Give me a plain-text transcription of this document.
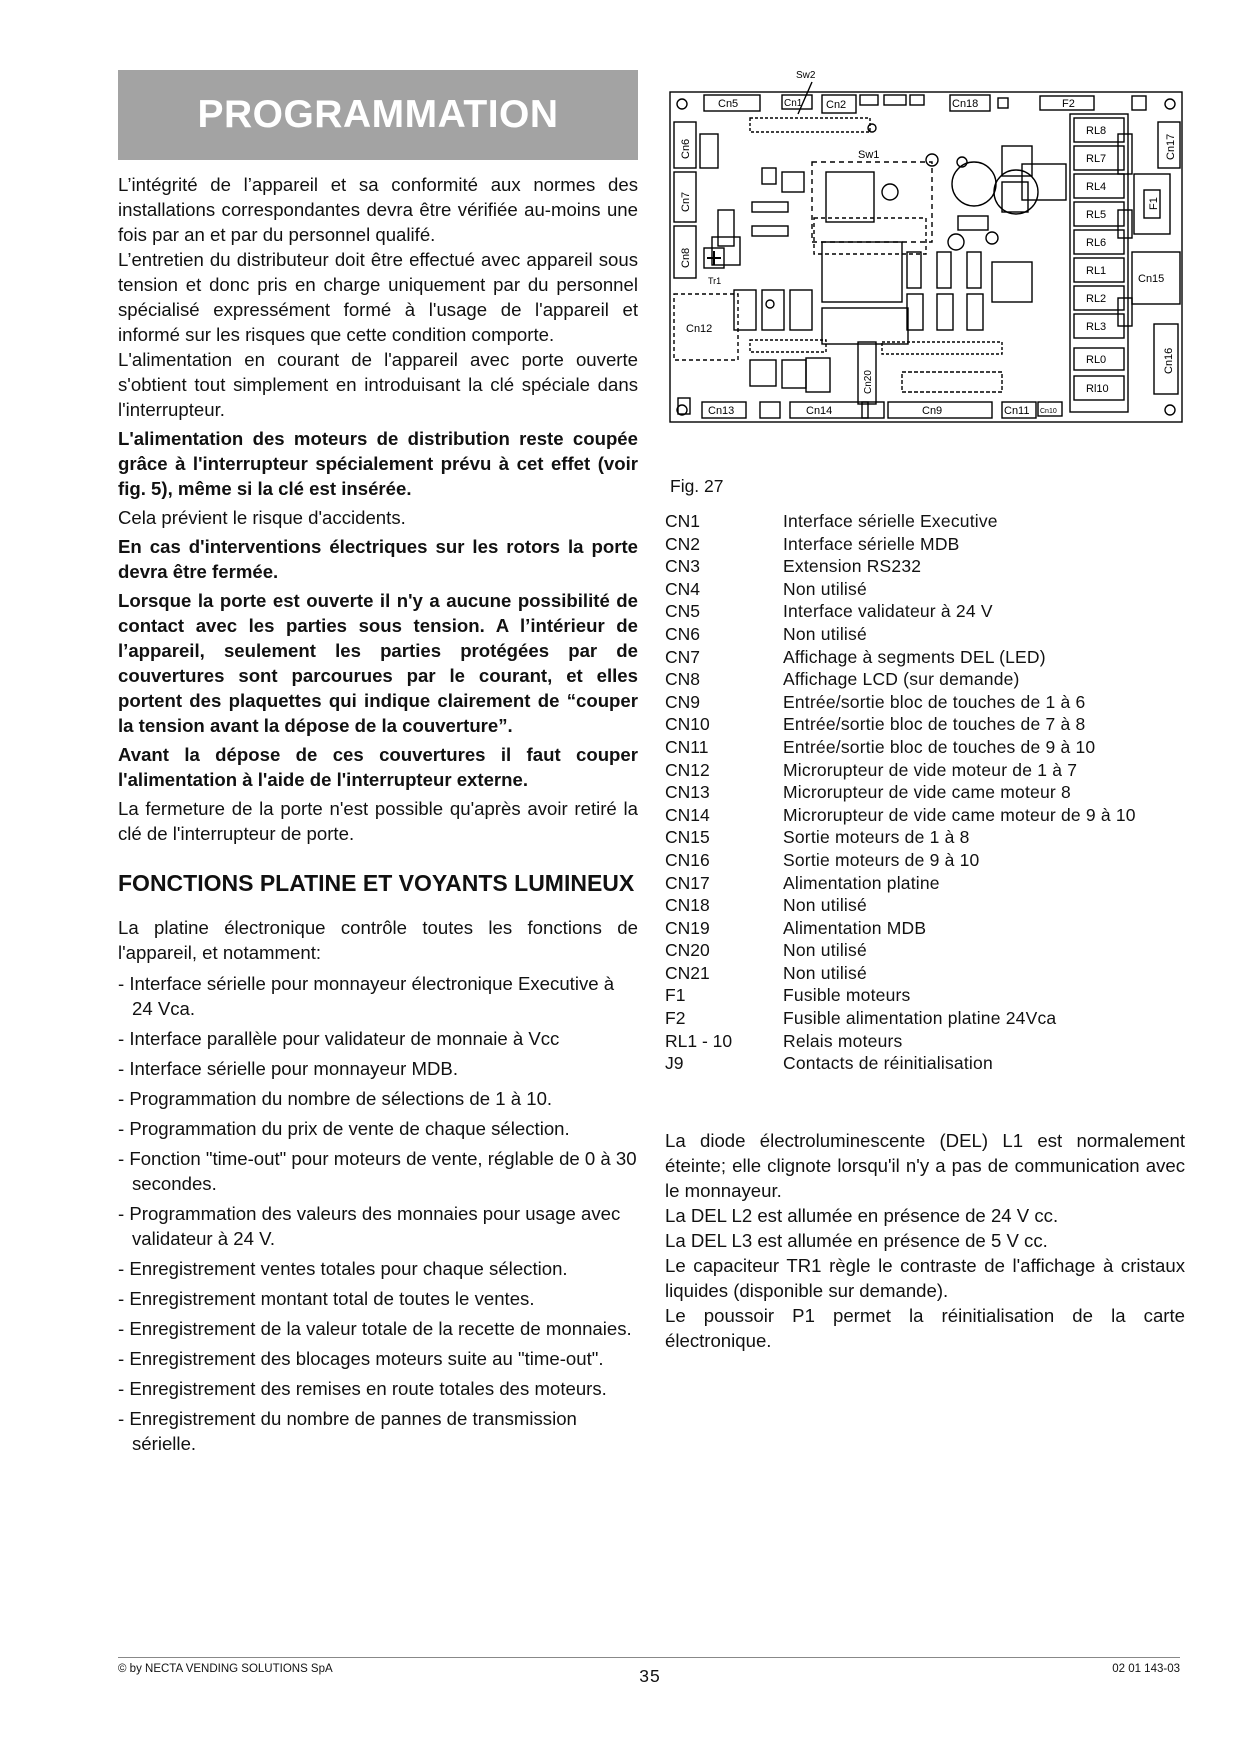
PROGRAMMATION

L’intégrité de l’appareil et sa conformité aux normes des installations correspondantes devra être vérifiée au-moins une fois par an et par du personnel qualifé.

L’entretien du distributeur doit être effectué avec appareil sous tension et donc pris en charge uniquement par du personnel spécialisé expressément formé à l'usage de l'appareil et informé sur les risques que cette condition comporte.

L'alimentation en courant de l'appareil avec porte ouverte s'obtient tout simplement en introduisant la clé spéciale dans l'interrupteur.

L'alimentation des moteurs de distribution reste coupée grâce à l'interrupteur spécialement prévu à cet effet (voir fig. 5), même si la clé est insérée.

Cela prévient le risque d'accidents.

En cas d'interventions électriques sur les rotors la porte devra être fermée.

Lorsque la porte est ouverte il n'y a aucune possibilité de contact avec les parties sous tension. A l’intérieur de l’appareil, seulement les parties protégées par de couvertures sont parcourues par le courant, et elles portent des plaquettes qui indique clairement de “couper la tension avant la dépose de la couverture”.

Avant la dépose de ces couvertures il faut couper l'alimentation à l'aide de l'interrupteur externe.

La fermeture de la porte n'est possible qu'après avoir retiré la clé de l'interrupteur de porte.

FONCTIONS PLATINE ET VOYANTS LUMINEUX

La platine électronique contrôle toutes les fonctions de l'appareil, et notamment:

- Interface sérielle pour monnayeur électronique Executive à 24 Vca.
- Interface parallèle pour validateur de monnaie à Vcc
- Interface sérielle pour monnayeur MDB.
- Programmation du nombre de sélections de 1 à 10.
- Programmation du prix de vente de chaque sélection.
- Fonction "time-out" pour moteurs de vente, réglable de 0 à 30 secondes.
- Programmation des valeurs des monnaies pour usage avec validateur à 24 V.
- Enregistrement ventes totales pour chaque sélection.
- Enregistrement montant total de toutes le ventes.
- Enregistrement de la valeur totale de la recette de monnaies.
- Enregistrement des blocages moteurs suite au "time-out".
- Enregistrement des remises en route totales des moteurs.
- Enregistrement du nombre de pannes de transmission sérielle.
Sw2
Sw1
Tr1
Cn5	Cn1 Cn2	Cn18	F2
Cn6
Cn7
Cn8
Cn12
Cn20
Cn13	Cn14	Cn9	Cn11 Cn10
Cn17
F1
Cn15
Cn16
RL8
RL7
RL4
RL5
RL6
RL1
RL2
RL3
RL0
Rl10
Fig. 27
CN1	Interface sérielle Executive
CN2	Interface sérielle MDB
CN3	Extension RS232
CN4	Non utilisé
CN5	Interface validateur à 24 V
CN6	Non utilisé
CN7	Affichage à segments DEL (LED)
CN8	Affichage LCD (sur demande)
CN9	Entrée/sortie bloc de touches de 1 à 6
CN10	Entrée/sortie bloc de touches de 7 à 8
CN11	Entrée/sortie bloc de touches de 9 à 10
CN12	Microrupteur de vide moteur de 1 à 7
CN13	Microrupteur de vide came moteur 8
CN14	Microrupteur de vide came moteur de 9 à 10
CN15	Sortie moteurs de 1 à 8
CN16	Sortie moteurs de 9 à 10
CN17	Alimentation platine
CN18	Non utilisé
CN19	Alimentation MDB
CN20	Non utilisé
CN21	Non utilisé
F1	Fusible moteurs
F2	Fusible alimentation platine 24Vca
RL1 - 10	Relais moteurs
J9	Contacts de réinitialisation

La diode électroluminescente (DEL) L1 est normalement éteinte; elle clignote lorsqu'il n'y a pas de communication avec le monnayeur.

La DEL L2 est allumée en présence de 24 V cc.

La DEL L3 est allumée en présence de 5 V cc.

Le capaciteur TR1 règle le contraste de l'affichage à cristaux liquides (disponible sur demande).

Le poussoir P1 permet la réinitialisation de la carte électronique.

© by NECTA VENDING SOLUTIONS SpA	35	02 01 143-03
